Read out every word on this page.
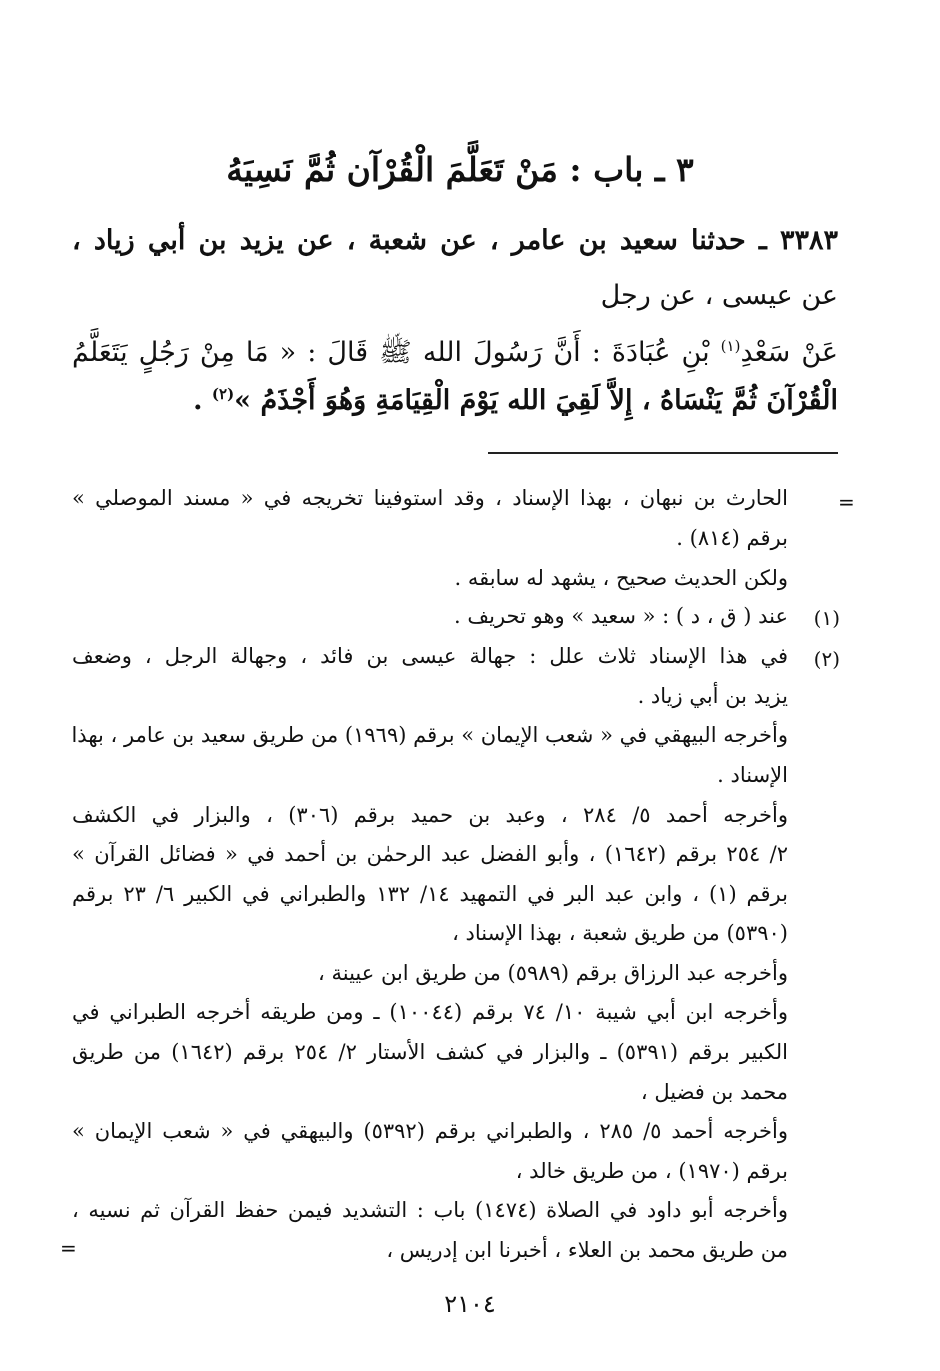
٣ ـ باب : مَنْ تَعَلَّمَ الْقُرْآن ثُمَّ نَسِيَهُ
٣٣٨٣ ـ حدثنا سعيد بن عامر ، عن شعبة ، عن يزيد بن أبي زياد ،
عن عيسى ، عن رجل
عَنْ سَعْدِ$^{(١)}$ بْنِ عُبَادَةَ : أَنَّ رَسُولَ الله ﷺ قَالَ : « مَا مِنْ رَجُلٍ يَتَعَلَّمُ
الْقُرْآنَ ثُمَّ يَنْسَاهُ ، إِلاَّ لَقِيَ الله يَوْمَ الْقِيَامَةِ وَهُوَ أَجْذَمُ »$^{(٢)}$ .
=
الحارث بن نبهان ، بهذا الإسناد ، وقد استوفينا تخريجه في « مسند الموصلي »
برقم (٨١٤) .
ولكن الحديث صحيح ، يشهد له سابقه .
(١)
عند ( ق ، د ) : « سعيد » وهو تحريف .
(٢)
في هذا الإسناد ثلاث علل : جهالة عيسى بن فائد ، وجهالة الرجل ، وضعف
يزيد بن أبي زياد .
وأخرجه البيهقي في « شعب الإيمان » برقم (١٩٦٩) من طريق سعيد بن عامر ، بهذا
الإسناد .
وأخرجه أحمد ٥/ ٢٨٤ ، وعبد بن حميد برقم (٣٠٦) ، والبزار في الكشف
٢/ ٢٥٤ برقم (١٦٤٢) ، وأبو الفضل عبد الرحمٰن بن أحمد في « فضائل القرآن »
برقم (١) ، وابن عبد البر في التمهيد ١٤/ ١٣٢ والطبراني في الكبير ٦/ ٢٣ برقم
(٥٣٩٠) من طريق شعبة ، بهذا الإسناد ،
وأخرجه عبد الرزاق برقم (٥٩٨٩) من طريق ابن عيينة ،
وأخرجه ابن أبي شيبة ١٠/ ٧٤ برقم (١٠٠٤٤) ـ ومن طريقه أخرجه الطبراني في
الكبير برقم (٥٣٩١) ـ والبزار في كشف الأستار ٢/ ٢٥٤ برقم (١٦٤٢) من طريق
محمد بن فضيل ،
وأخرجه أحمد ٥/ ٢٨٥ ، والطبراني برقم (٥٣٩٢) والبيهقي في « شعب الإيمان »
برقم (١٩٧٠) ، من طريق خالد ،
وأخرجه أبو داود في الصلاة (١٤٧٤) باب : التشديد فيمن حفظ القرآن ثم نسيه ،
من طريق محمد بن العلاء ، أخبرنا ابن إدريس ،
=
٢١٠٤
